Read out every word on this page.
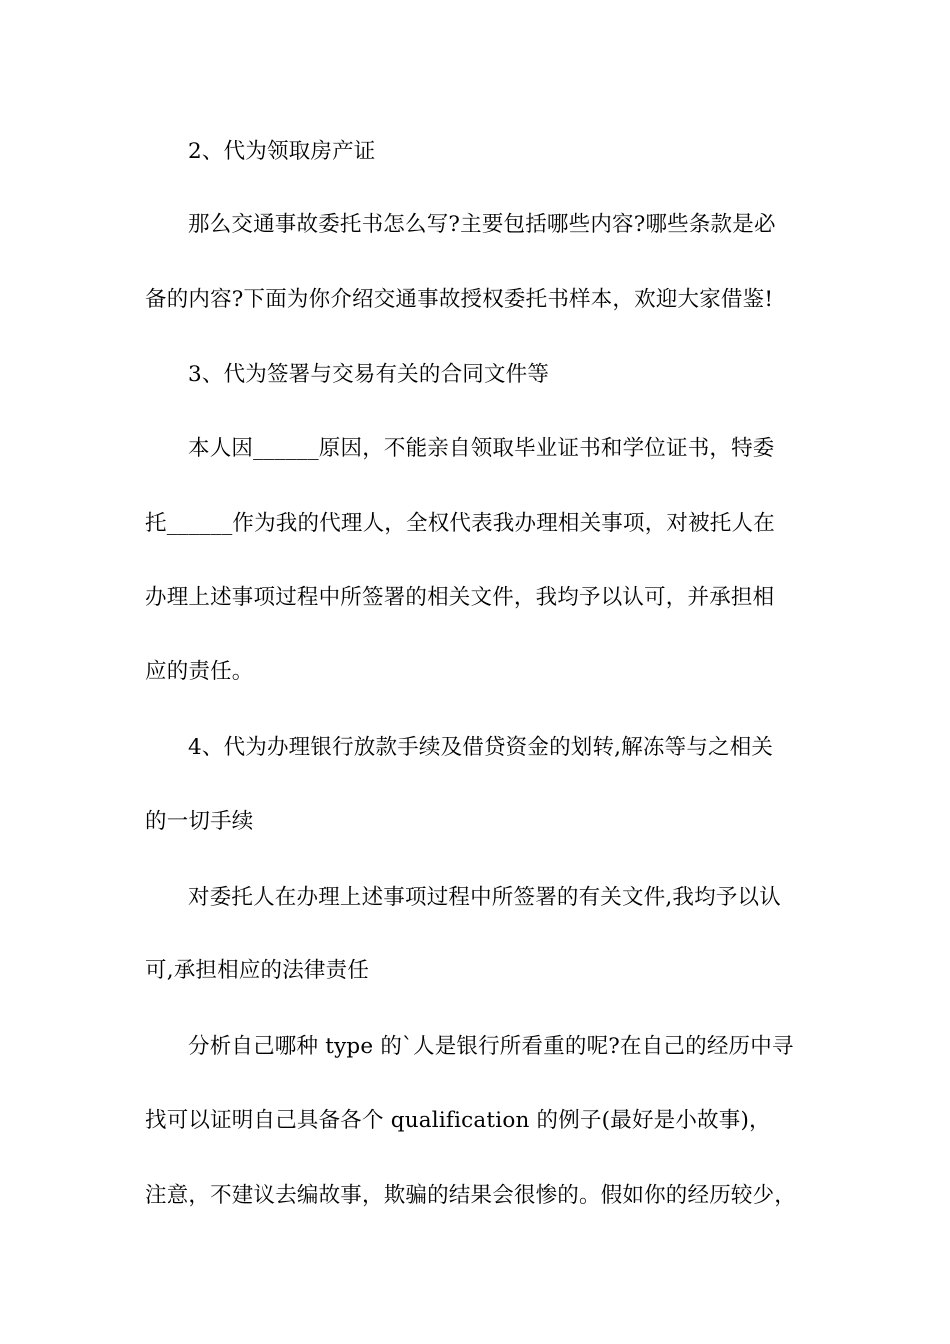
2、代为领取房产证
那么交通事故委托书怎么写?主要包括哪些内容?哪些条款是必
备的内容?下面为你介绍交通事故授权委托书样本，欢迎大家借鉴!
3、代为签署与交易有关的合同文件等
本人因______原因，不能亲自领取毕业证书和学位证书，特委
托______作为我的代理人，全权代表我办理相关事项，对被托人在
办理上述事项过程中所签署的相关文件，我均予以认可，并承担相
应的责任。
4、代为办理银行放款手续及借贷资金的划转,解冻等与之相关
的一切手续
对委托人在办理上述事项过程中所签署的有关文件,我均予以认
可,承担相应的法律责任
分析自己哪种 type 的`人是银行所看重的呢?在自己的经历中寻
找可以证明自己具备各个 qualification 的例子(最好是小故事)，
注意，不建议去编故事，欺骗的结果会很惨的。假如你的经历较少，
